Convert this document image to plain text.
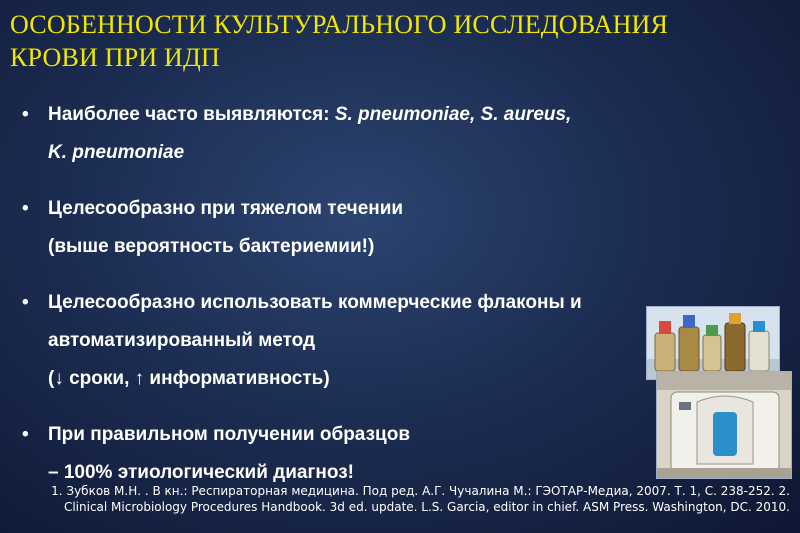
ОСОБЕННОСТИ КУЛЬТУРАЛЬНОГО ИССЛЕДОВАНИЯ
КРОВИ ПРИ ИДП
• Наиболее часто выявляются: S. pneumoniae, S. aureus,
K. pneumoniae
• Целесообразно при тяжелом течении
(выше вероятность бактериемии!)
• Целесообразно использовать коммерческие флаконы и
автоматизированный метод
(↓ сроки, ↑ информативность)
• При правильном получении образцов
– 100% этиологический диагноз!
1. Зубков М.Н. . В кн.: Респираторная медицина. Под ред. А.Г. Чучалина М.: ГЭОТАР-Медиа, 2007. Т. 1, С. 238-252. 2. Clinical Microbiology Procedures Handbook. 3d ed. update. L.S. Garcia, editor in chief. ASM Press. Washington, DC. 2010.
